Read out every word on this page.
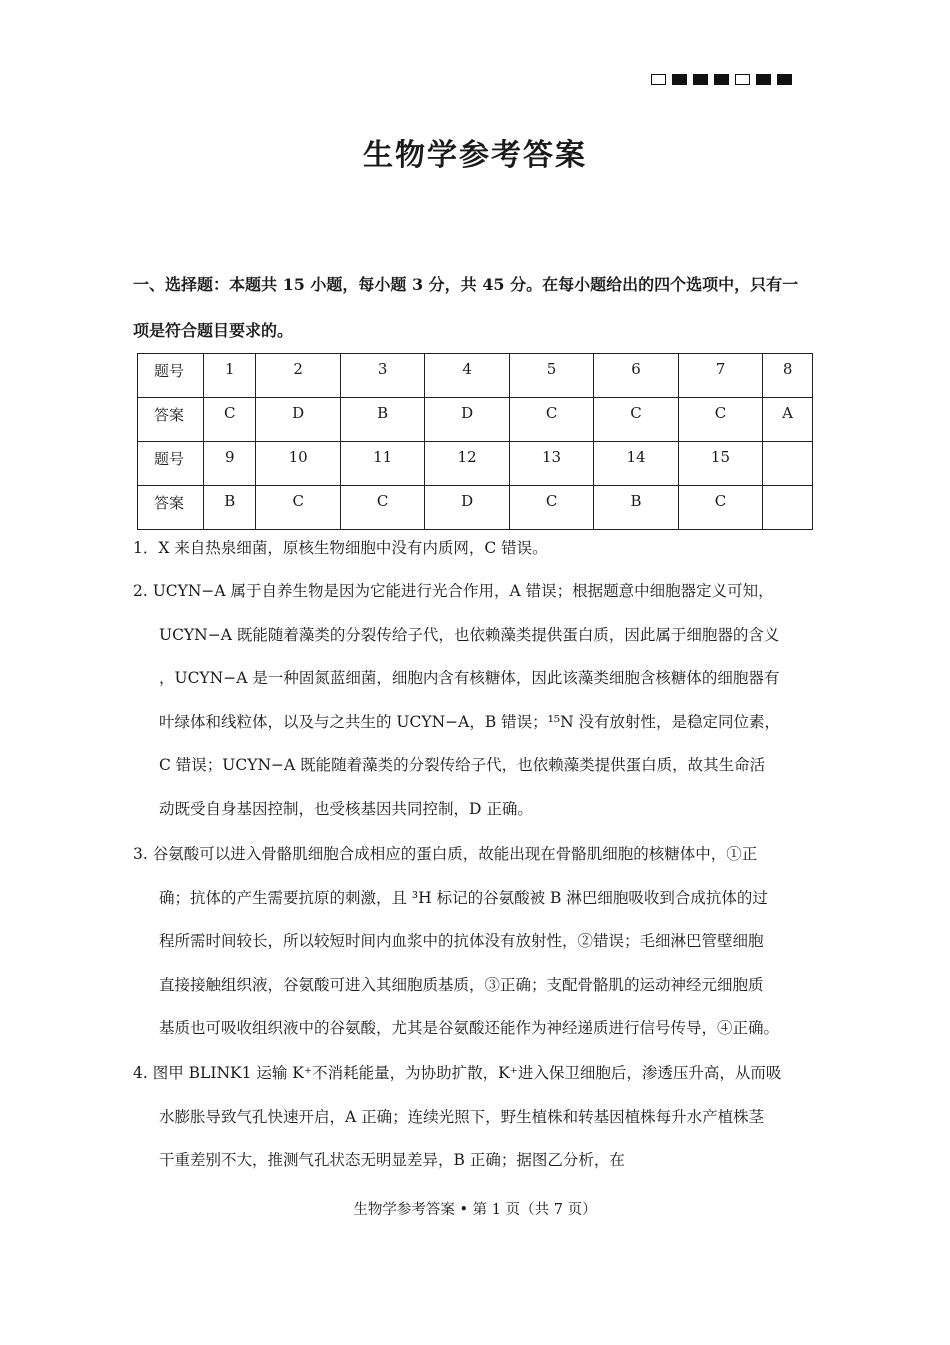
生物学参考答案
一、选择题：本题共 15 小题，每小题 3 分，共 45 分。在每小题给出的四个选项中，只有一
项是符合题目要求的。
题号	1	2	3	4	5	6	7	8
答案	C	D	B	D	C	C	C	A
题号	9	10	11	12	13	14	15	
答案	B	C	C	D	C	B	C	
1．X 来自热泉细菌，原核生物细胞中没有内质网，C 错误。
2. UCYN−A 属于自养生物是因为它能进行光合作用，A 错误；根据题意中细胞器定义可知，
UCYN−A 既能随着藻类的分裂传给子代，也依赖藻类提供蛋白质，因此属于细胞器的含义
，UCYN−A 是一种固氮蓝细菌，细胞内含有核糖体，因此该藻类细胞含核糖体的细胞器有
叶绿体和线粒体，以及与之共生的 UCYN−A，B 错误；¹⁵N 没有放射性，是稳定同位素，
C 错误；UCYN−A 既能随着藻类的分裂传给子代，也依赖藻类提供蛋白质，故其生命活
动既受自身基因控制，也受核基因共同控制，D 正确。
3. 谷氨酸可以进入骨骼肌细胞合成相应的蛋白质，故能出现在骨骼肌细胞的核糖体中，①正
确；抗体的产生需要抗原的刺激，且 ³H 标记的谷氨酸被 B 淋巴细胞吸收到合成抗体的过
程所需时间较长，所以较短时间内血浆中的抗体没有放射性，②错误；毛细淋巴管壁细胞
直接接触组织液，谷氨酸可进入其细胞质基质，③正确；支配骨骼肌的运动神经元细胞质
基质也可吸收组织液中的谷氨酸，尤其是谷氨酸还能作为神经递质进行信号传导，④正确。
4. 图甲 BLINK1 运输 K⁺不消耗能量，为协助扩散，K⁺进入保卫细胞后，渗透压升高，从而吸
水膨胀导致气孔快速开启，A 正确；连续光照下，野生植株和转基因植株每升水产植株茎
干重差别不大，推测气孔状态无明显差异，B 正确；据图乙分析，在
生物学参考答案 • 第 1 页（共 7 页）
